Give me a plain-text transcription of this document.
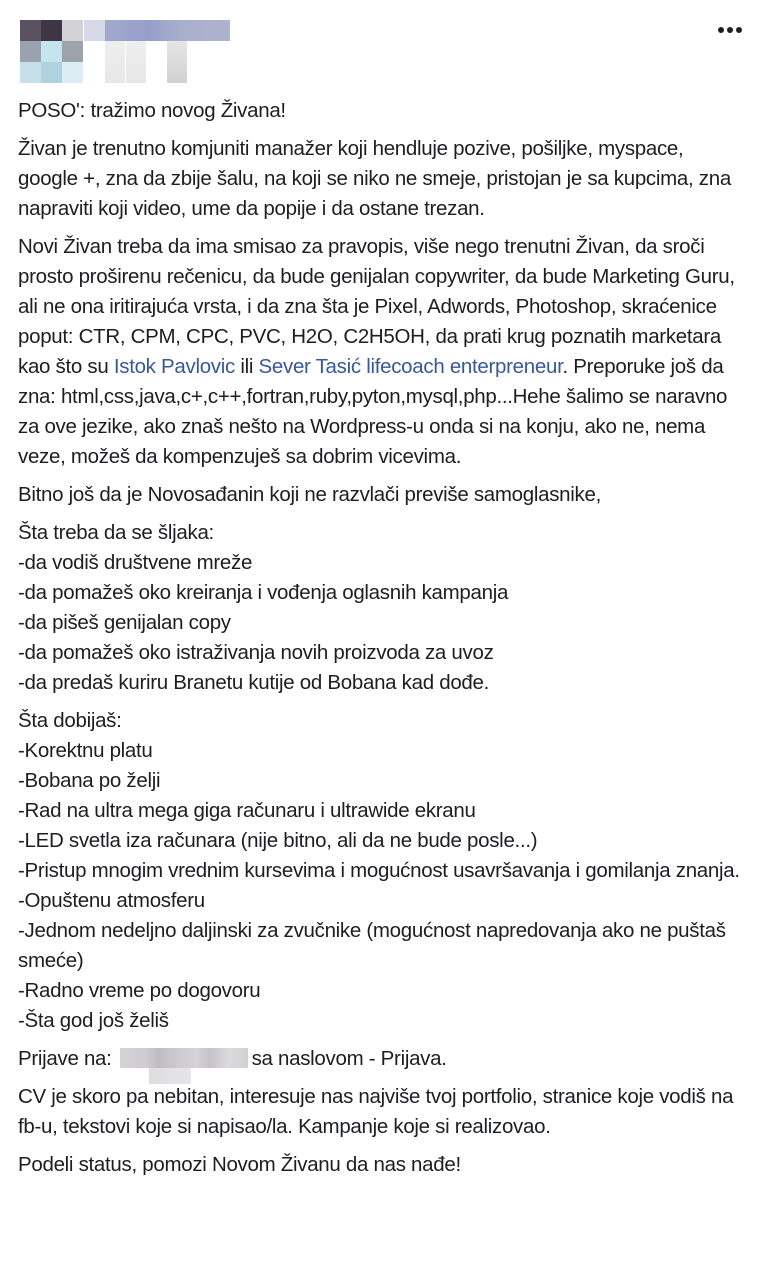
POSO': tražimo novog Živana!

Živan je trenutno komjuniti manažer koji hendluje pozive, pošiljke, myspace, google +, zna da zbije šalu, na koji se niko ne smeje, pristojan je sa kupcima, zna napraviti koji video, ume da popije i da ostane trezan.

Novi Živan treba da ima smisao za pravopis, više nego trenutni Živan, da sroči prosto proširenu rečenicu, da bude genijalan copywriter, da bude Marketing Guru, ali ne ona iritirajuća vrsta, i da zna šta je Pixel, Adwords, Photoshop, skraćenice poput: CTR, CPM, CPC, PVC, H2O, C2H5OH, da prati krug poznatih marketara kao što su Istok Pavlovic ili Sever Tasić lifecoach enterpreneur. Preporuke još da zna: html,css,java,c+,c++,fortran,ruby,pyton,mysql,php...Hehe šalimo se naravno za ove jezike, ako znaš nešto na Wordpress-u onda si na konju, ako ne, nema veze, možeš da kompenzuješ sa dobrim vicevima.

Bitno još da je Novosađanin koji ne razvlači previše samoglasnike,

Šta treba da se šljaka:
-da vodiš društvene mreže
-da pomažeš oko kreiranja i vođenja oglasnih kampanja
-da pišeš genijalan copy
-da pomažeš oko istraživanja novih proizvoda za uvoz
-da predaš kuriru Branetu kutije od Bobana kad dođe.

Šta dobijaš:
-Korektnu platu
-Bobana po želji
-Rad na ultra mega giga računaru i ultrawide ekranu
-LED svetla iza računara (nije bitno, ali da ne bude posle...)
-Pristup mnogim vrednim kursevima i mogućnost usavršavanja i gomilanja znanja.
-Opuštenu atmosferu
-Jednom nedeljno daljinski za zvučnike (mogućnost napredovanja ako ne puštaš smeće)
-Radno vreme po dogovoru
-Šta god još želiš

Prijave na:	sa naslovom - Prijava.

CV je skoro pa nebitan, interesuje nas najviše tvoj portfolio, stranice koje vodiš na fb-u, tekstovi koje si napisao/la. Kampanje koje si realizovao.

Podeli status, pomozi Novom Živanu da nas nađe!
